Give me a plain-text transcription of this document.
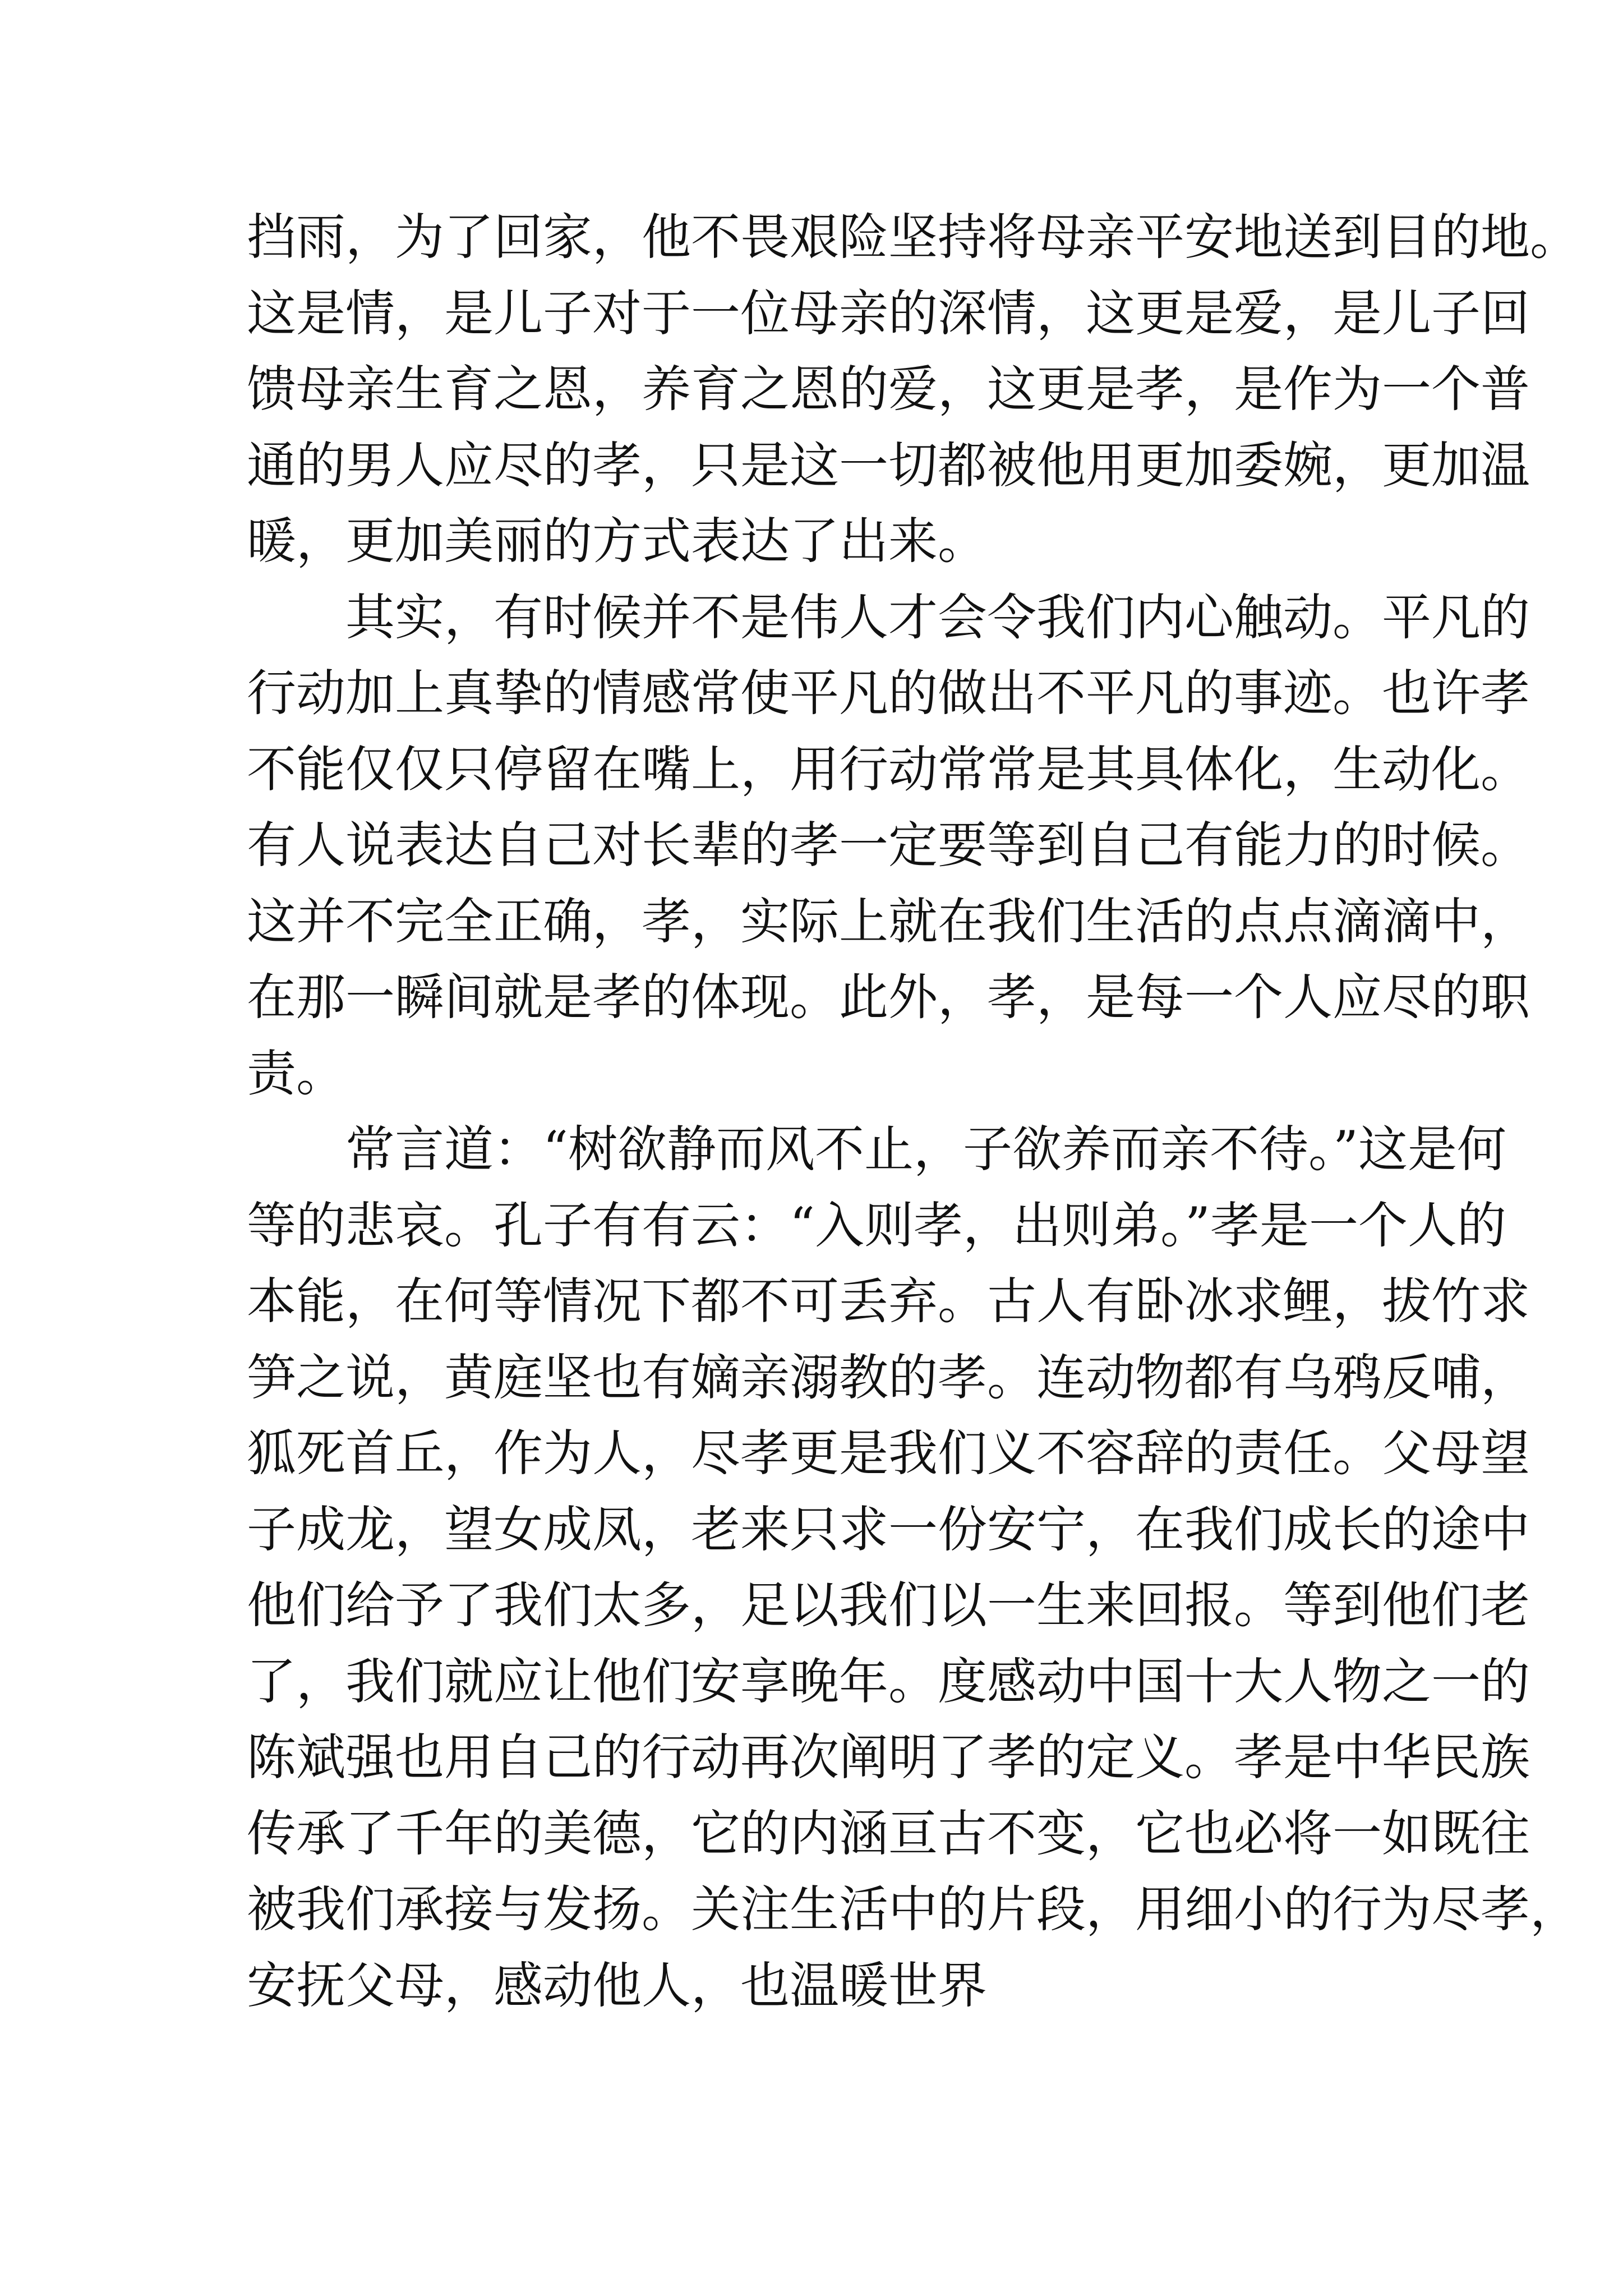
挡雨，为了回家，他不畏艰险坚持将母亲平安地送到目的地。
这是情，是儿子对于一位母亲的深情，这更是爱，是儿子回
馈母亲生育之恩，养育之恩的爱，这更是孝，是作为一个普
通的男人应尽的孝，只是这一切都被他用更加委婉，更加温
暖，更加美丽的方式表达了出来。
其实，有时候并不是伟人才会令我们内心触动。平凡的
行动加上真挚的情感常使平凡的做出不平凡的事迹。也许孝
不能仅仅只停留在嘴上，用行动常常是其具体化，生动化。
有人说表达自己对长辈的孝一定要等到自己有能力的时候。
这并不完全正确，孝，实际上就在我们生活的点点滴滴中，
在那一瞬间就是孝的体现。此外，孝，是每一个人应尽的职
责。
常言道：“树欲静而风不止，子欲养而亲不待。”这是何
等的悲哀。孔子有有云：“入则孝，出则弟。”孝是一个人的
本能，在何等情况下都不可丢弃。古人有卧冰求鲤，拔竹求
笋之说，黄庭坚也有嫡亲溺教的孝。连动物都有乌鸦反哺，
狐死首丘，作为人，尽孝更是我们义不容辞的责任。父母望
子成龙，望女成凤，老来只求一份安宁，在我们成长的途中
他们给予了我们太多，足以我们以一生来回报。等到他们老
了，我们就应让他们安享晚年。度感动中国十大人物之一的
陈斌强也用自己的行动再次阐明了孝的定义。孝是中华民族
传承了千年的美德，它的内涵亘古不变，它也必将一如既往
被我们承接与发扬。关注生活中的片段，用细小的行为尽孝，
安抚父母，感动他人，也温暖世界
